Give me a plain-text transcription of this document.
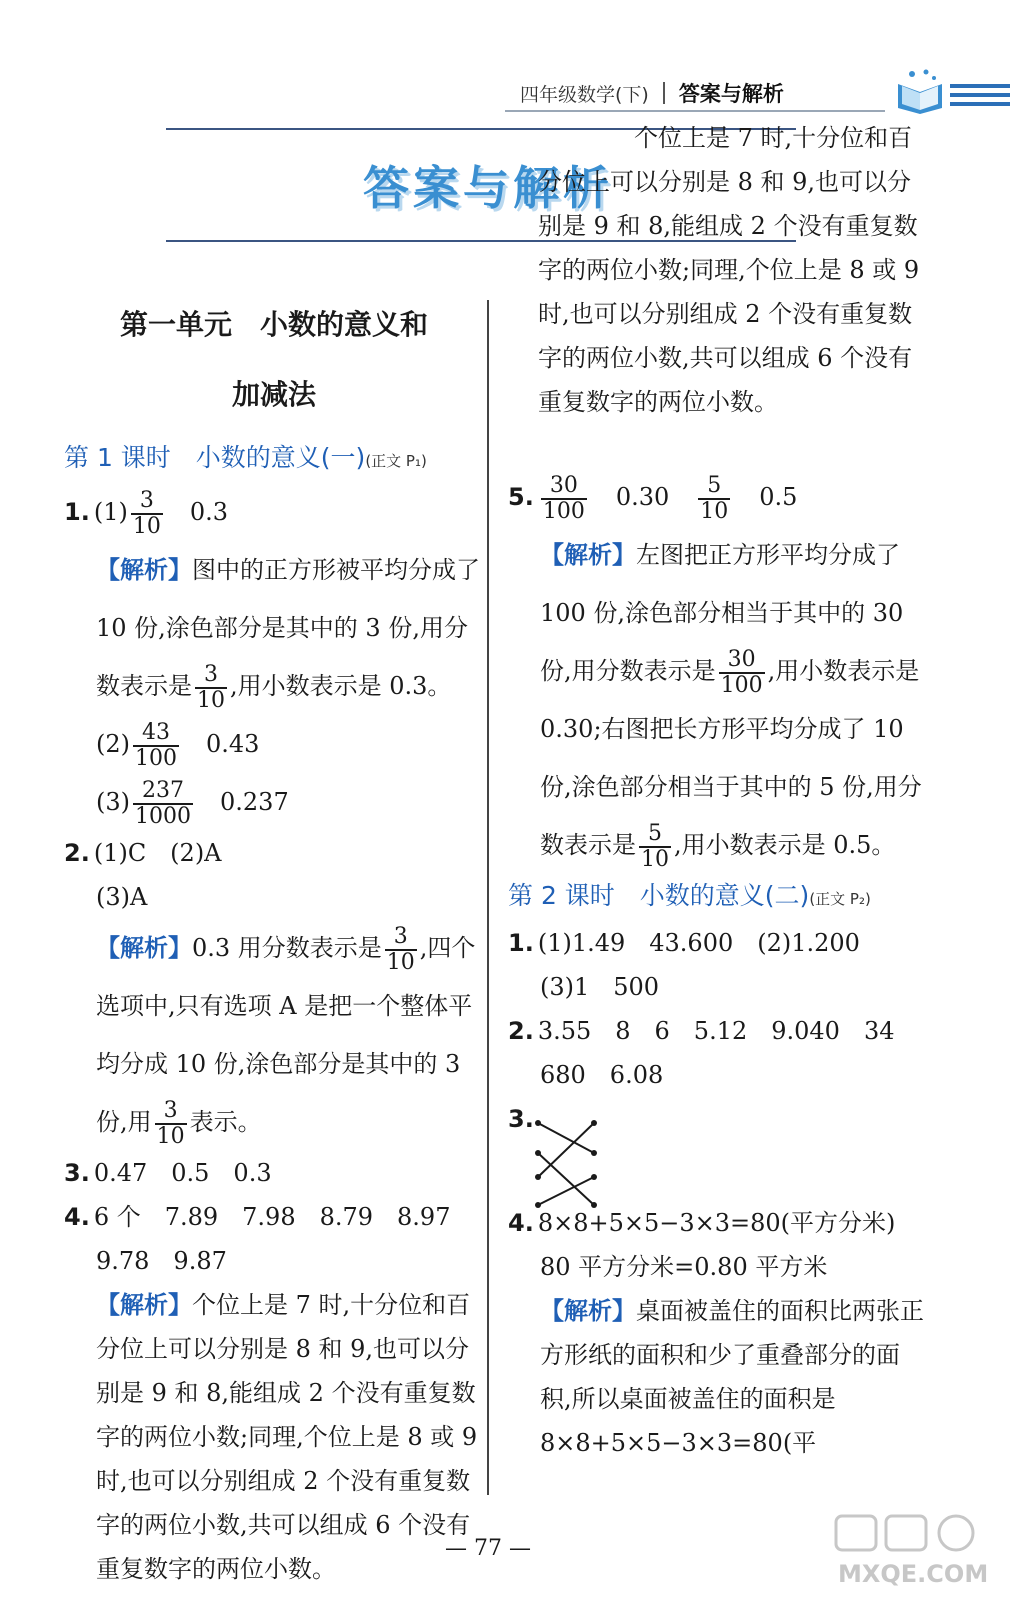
四年级数学(下) 答案与解析
答案与解析
第一单元　小数的意义和
加减法
第 1 课时　小数的意义(一)(正文 P₁)
1. $(1) \frac{3}{10}$
　 0.3
【解析】图中的正方形被平均分成了 10 份,涂色部分是其中的 3 份,用分数表示是 $\frac{3}{10}$ ,用小数表示是 0.3。
$(2) \frac{43}{100}$
　 0.43
$(3) \frac{237}{1000}$
　 0.237
2. (1)C　(2)A
(3)A
【解析】0.3 用分数表示是 $\frac{3}{10}$ ,四个选项中,只有选项 A 是把一个整体平均分成 10 份,涂色部分是其中的 3 份,用 $\frac{3}{10}$ 表示。
3. 0.47　0.5　0.3
4. 6 个　7.89　7.98　8.79　8.97
9.78　9.87
【解析】个位上是 7 时,十分位和百分位上可以分别是 8 和 9,也可以分别是 9 和 8,能组成 2 个没有重复数字的两位小数;同理,个位上是 8 或 9 时,也可以分别组成 2 个没有重复数字的两位小数,共可以组成 6 个没有重复数字的两位小数。
个位上是 7 时,十分位和百分位上可以分别是 8 和 9,也可以分别是 9 和 8,能组成 2 个没有重复数字的两位小数;同理,个位上是 8 或 9 时,也可以分别组成 2 个没有重复数字的两位小数,共可以组成 6 个没有重复数字的两位小数。
5. $\frac{30}{100} 0.30 \frac{5}{10} 0.5$
【解析】左图把正方形平均分成了 100 份,涂色部分相当于其中的 30 份,用分数表示是 $\frac{30}{100}$ ,用小数表示是0.30;右图把长方形平均分成了 10 份,涂色部分相当于其中的 5 份,用分数表示是 $\frac{5}{10}$ ,用小数表示是 0.5。
第 2 课时　小数的意义(二)(正文 P₂)
1. (1)1.49　43.600　(2)1.200
(3)1　500
2. 3.55　8　6　5.12　9.040　34
680　6.08
3.
4. 8×8+5×5−3×3=80(平方分米)
80 平方分米=0.80 平方米
【解析】桌面被盖住的面积比两张正方形纸的面积和少了重叠部分的面积,所以桌面被盖住的面积是 8×8+5×5−3×3=80(平
— 77 —
MXQE.COM
